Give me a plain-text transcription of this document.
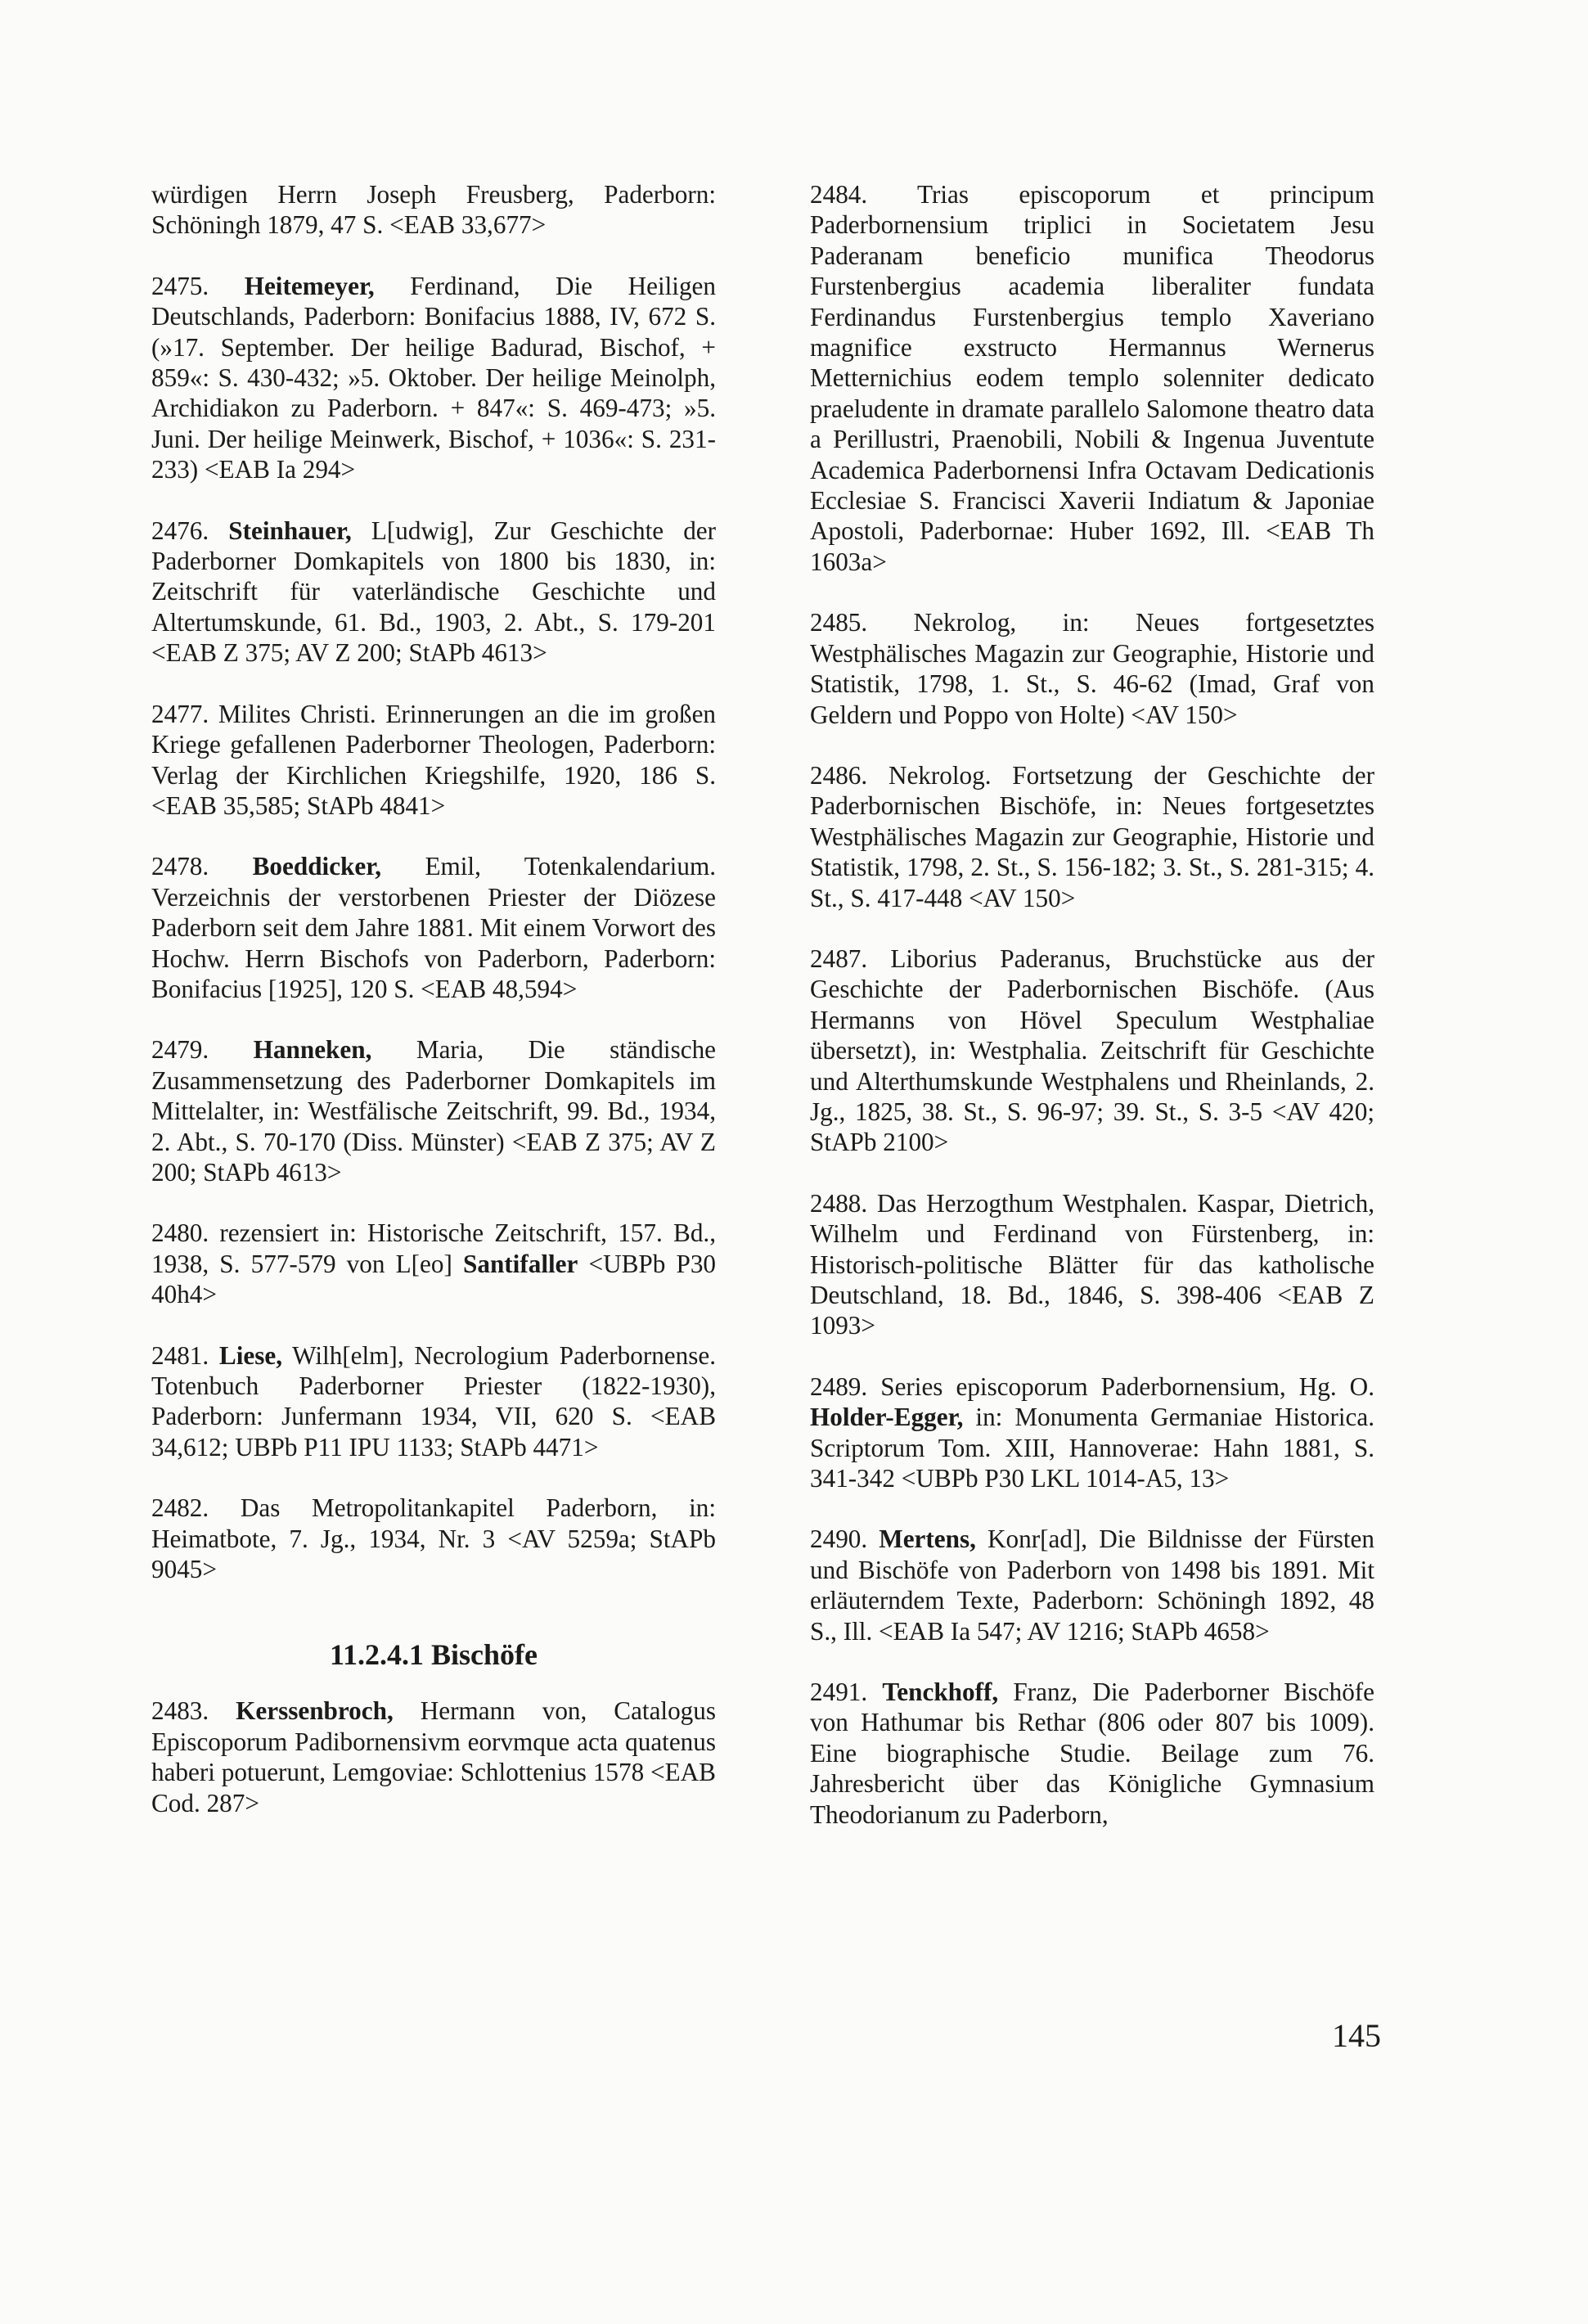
würdigen Herrn Joseph Freusberg, Paderborn: Schöningh 1879, 47 S. <EAB 33,677>

2475. Heitemeyer, Ferdinand, Die Heiligen Deutschlands, Paderborn: Bonifacius 1888, IV, 672 S. (»17. September. Der heilige Badurad, Bischof, + 859«: S. 430-432; »5. Oktober. Der heilige Meinolph, Archidiakon zu Paderborn. + 847«: S. 469-473; »5. Juni. Der heilige Meinwerk, Bischof, + 1036«: S. 231-233) <EAB Ia 294>

2476. Steinhauer, L[udwig], Zur Geschichte der Paderborner Domkapitels von 1800 bis 1830, in: Zeitschrift für vaterländische Geschichte und Altertumskunde, 61. Bd., 1903, 2. Abt., S. 179-201 <EAB Z 375; AV Z 200; StAPb 4613>

2477. Milites Christi. Erinnerungen an die im großen Kriege gefallenen Paderborner Theologen, Paderborn: Verlag der Kirchlichen Kriegshilfe, 1920, 186 S. <EAB 35,585; StAPb 4841>

2478. Boeddicker, Emil, Totenkalendarium. Verzeichnis der verstorbenen Priester der Diözese Paderborn seit dem Jahre 1881. Mit einem Vorwort des Hochw. Herrn Bischofs von Paderborn, Paderborn: Bonifacius [1925], 120 S. <EAB 48,594>

2479. Hanneken, Maria, Die ständische Zusammensetzung des Paderborner Domkapitels im Mittelalter, in: Westfälische Zeitschrift, 99. Bd., 1934, 2. Abt., S. 70-170 (Diss. Münster) <EAB Z 375; AV Z 200; StAPb 4613>

2480. rezensiert in: Historische Zeitschrift, 157. Bd., 1938, S. 577-579 von L[eo] Santifaller <UBPb P30 40h4>

2481. Liese, Wilh[elm], Necrologium Paderbornense. Totenbuch Paderborner Priester (1822-1930), Paderborn: Junfermann 1934, VII, 620 S. <EAB 34,612; UBPb P11 IPU 1133; StAPb 4471>

2482. Das Metropolitankapitel Paderborn, in: Heimatbote, 7. Jg., 1934, Nr. 3 <AV 5259a; StAPb 9045>

11.2.4.1 Bischöfe

2483. Kerssenbroch, Hermann von, Catalogus Episcoporum Padibornensivm eorvmque acta quatenus haberi potuerunt, Lemgoviae: Schlottenius 1578 <EAB Cod. 287>

2484. Trias episcoporum et principum Paderbornensium triplici in Societatem Jesu Paderanam beneficio munifica Theodorus Furstenbergius academia liberaliter fundata Ferdinandus Furstenbergius templo Xaveriano magnifice exstructo Hermannus Wernerus Metternichius eodem templo solenniter dedicato praeludente in dramate parallelo Salomone theatro data a Perillustri, Praenobili, Nobili & Ingenua Juventute Academica Paderbornensi Infra Octavam Dedicationis Ecclesiae S. Francisci Xaverii Indiatum & Japoniae Apostoli, Paderbornae: Huber 1692, Ill. <EAB Th 1603a>

2485. Nekrolog, in: Neues fortgesetztes Westphälisches Magazin zur Geographie, Historie und Statistik, 1798, 1. St., S. 46-62 (Imad, Graf von Geldern und Poppo von Holte) <AV 150>

2486. Nekrolog. Fortsetzung der Geschichte der Paderbornischen Bischöfe, in: Neues fortgesetztes Westphälisches Magazin zur Geographie, Historie und Statistik, 1798, 2. St., S. 156-182; 3. St., S. 281-315; 4. St., S. 417-448 <AV 150>

2487. Liborius Paderanus, Bruchstücke aus der Geschichte der Paderbornischen Bischöfe. (Aus Hermanns von Hövel Speculum Westphaliae übersetzt), in: Westphalia. Zeitschrift für Geschichte und Alterthumskunde Westphalens und Rheinlands, 2. Jg., 1825, 38. St., S. 96-97; 39. St., S. 3-5 <AV 420; StAPb 2100>

2488. Das Herzogthum Westphalen. Kaspar, Dietrich, Wilhelm und Ferdinand von Fürstenberg, in: Historisch-politische Blätter für das katholische Deutschland, 18. Bd., 1846, S. 398-406 <EAB Z 1093>

2489. Series episcoporum Paderbornensium, Hg. O. Holder-Egger, in: Monumenta Germaniae Historica. Scriptorum Tom. XIII, Hannoverae: Hahn 1881, S. 341-342 <UBPb P30 LKL 1014-A5, 13>

2490. Mertens, Konr[ad], Die Bildnisse der Fürsten und Bischöfe von Paderborn von 1498 bis 1891. Mit erläuterndem Texte, Paderborn: Schöningh 1892, 48 S., Ill. <EAB Ia 547; AV 1216; StAPb 4658>

2491. Tenckhoff, Franz, Die Paderborner Bischöfe von Hathumar bis Rethar (806 oder 807 bis 1009). Eine biographische Studie. Beilage zum 76. Jahresbericht über das Königliche Gymnasium Theodorianum zu Paderborn,

145
